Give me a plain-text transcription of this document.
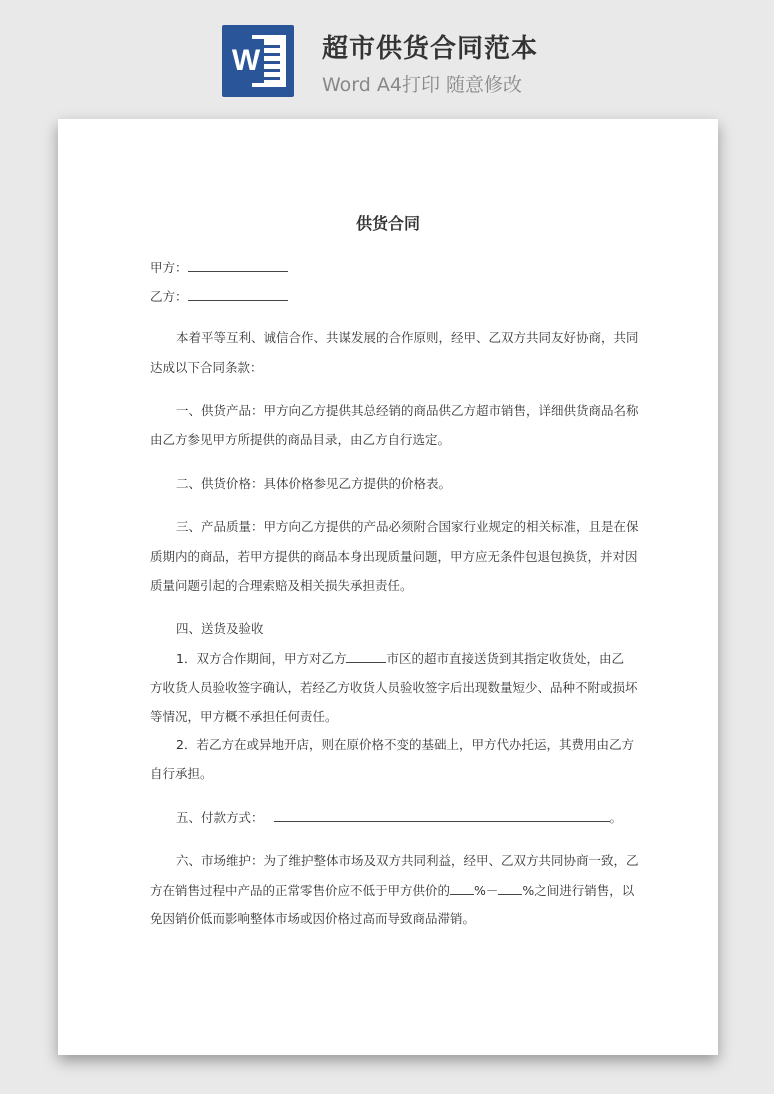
W 超市供货合同范本
Word A4打印 随意修改
​
供货合同
甲方：
乙方：
本着平等互利、诚信合作、共谋发展的合作原则，经甲、乙双方共同友好协商，共同
达成以下合同条款：
一、供货产品：甲方向乙方提供其总经销的商品供乙方超市销售，详细供货商品名称
由乙方参见甲方所提供的商品目录，由乙方自行选定。
二、供货价格：具体价格参见乙方提供的价格表。
三、产品质量：甲方向乙方提供的产品必须附合国家行业规定的相关标准，且是在保
质期内的商品，若甲方提供的商品本身出现质量问题，甲方应无条件包退包换货，并对因
质量问题引起的合理索赔及相关损失承担责任。
四、送货及验收
1．双方合作期间，甲方对乙方	市区的超市直接送货到其指定收货处，由乙
方收货人员验收签字确认，若经乙方收货人员验收签字后出现数量短少、品种不附或损坏
等情况，甲方概不承担任何责任。
2．若乙方在或异地开店，则在原价格不变的基础上，甲方代办托运，其费用由乙方
自行承担。
五、付款方式：	。
六、市场维护：为了维护整体市场及双方共同利益，经甲、乙双方共同协商一致，乙
方在销售过程中产品的正常零售价应不低于甲方供价的 %－ %之间进行销售，以
免因销价低而影响整体市场或因价格过高而导致商品滞销。
